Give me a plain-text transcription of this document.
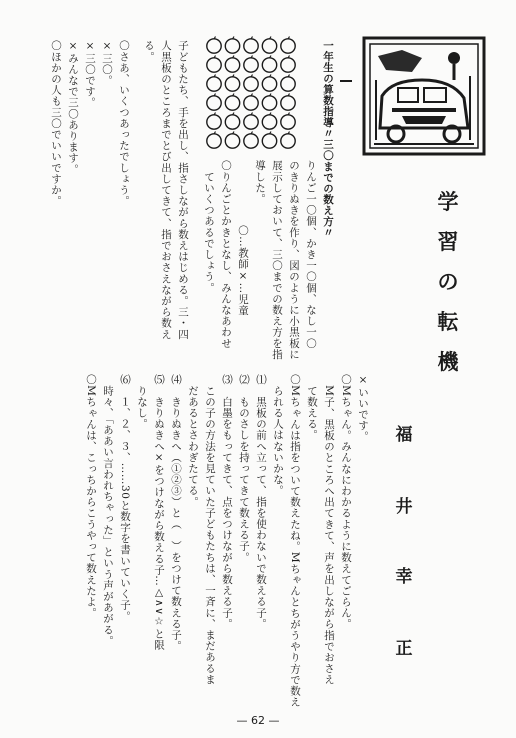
学
習
の
転
機
福
井
幸
正
一年生の算数指導〃三〇までの数え方〃
りんご一〇個、かき一〇個、なし一〇
のきりぬきを作り、図のように小黒板に
展示しておいて、三〇までの数え方を指
導した。
〇…教師
×…児童
〇りんごとかきとなし、みんなあわせ
　ていくつあるでしょう。
子どもたち、手を出し、指さしながら数えはじめる。三・四
人黒板のところまでとび出してきて、指でおさえながら数え
る。
〇さあ、いくつあったでしょう。
×三〇。
×三〇です。
×みんなで三〇あります。
〇ほかの人も三〇でいいですか。
×いいです。
〇Mちゃん。みんなにわかるように数えてごらん。
　M子、黒板のところへ出てきて、声を出しながら指でおさえ
　て数える。
〇Mちゃんは指をついて数えたね。Mちゃんとちがうやり方で数え
　られる人はないかな。
⑴　黒板の前へ立って、指を使わないで数える子。
⑵　ものさしを持ってきて数える子。
⑶　白墨をもってきて、点をつけながら数える子。
　この子の方法を見ていた子どもたちは、一斉に、まだあるま
　だあるとさわぎたてる。
⑷　きりぬきへ（①②③）と（　）をつけて数える子。
⑸　きりぬきへ×をつけながら数える子…△∧∨☆と限
　りなし。
⑹　１、２、３、……30と数字を書いていく子。
　時々、「ああい言われちゃった」という声があがる。
〇Mちゃんは、こっちからこうやって数えたよ。
— 62 —
